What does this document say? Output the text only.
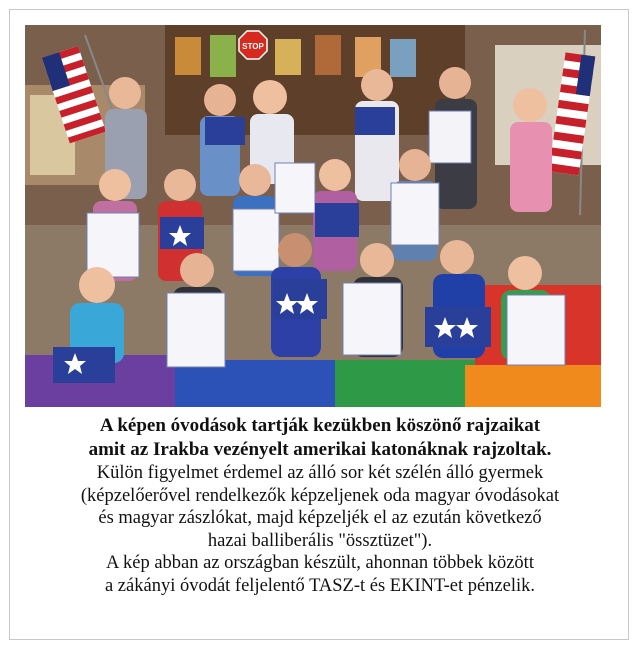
STOP
A képen óvodások tartják kezükben köszönő rajzaikat
amit az Irakba vezényelt amerikai katonáknak rajzoltak.
Külön figyelmet érdemel az álló sor két szélén álló gyermek
(képzelőerővel rendelkezők képzeljenek oda magyar óvodásokat
és magyar zászlókat, majd képzeljék el az ezután következő
hazai balliberális "össztüzet").
A kép abban az országban készült, ahonnan többek között
a zákányi óvodát feljelentő TASZ-t és EKINT-et pénzelik.
